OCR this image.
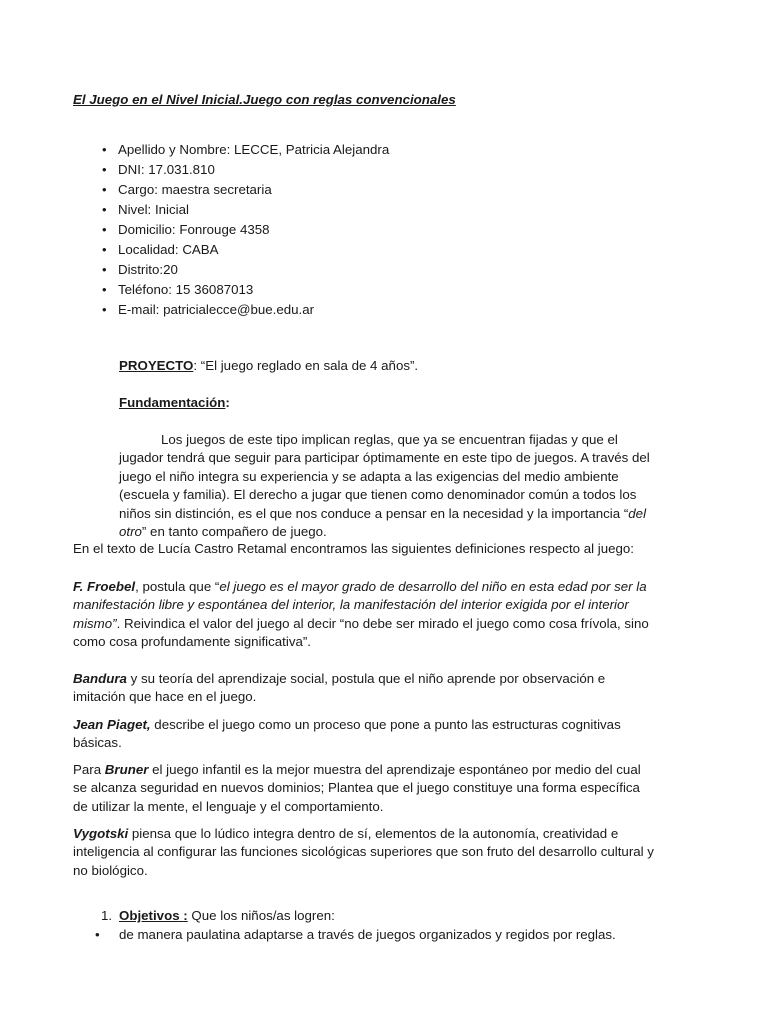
El Juego en el Nivel Inicial.Juego con reglas convencionales
• Apellido y Nombre: LECCE, Patricia Alejandra
• DNI: 17.031.810
• Cargo: maestra secretaria
• Nivel: Inicial
• Domicilio: Fonrouge 4358
• Localidad: CABA
• Distrito:20
• Teléfono: 15 36087013
• E-mail: patricialecce@bue.edu.ar
PROYECTO: “El juego reglado en sala de 4 años”.
Fundamentación:
Los juegos de este tipo implican reglas, que ya se encuentran fijadas y que el
jugador tendrá que seguir para participar óptimamente en este tipo de juegos. A través del
juego el niño integra su experiencia y se adapta a las exigencias del medio ambiente
(escuela y familia). El derecho a jugar que tienen como denominador común a todos los
niños sin distinción, es el que nos conduce a pensar en la necesidad y la importancia “del
otro” en tanto compañero de juego.
En el texto de Lucía Castro Retamal encontramos las siguientes definiciones respecto al juego:
F. Froebel, postula que “el juego es el mayor grado de desarrollo del niño en esta edad por ser la
manifestación libre y espontánea del interior, la manifestación del interior exigida por el interior
mismo”. Reivindica el valor del juego al decir “no debe ser mirado el juego como cosa frívola, sino
como cosa profundamente significativa”.
Bandura y su teoría del aprendizaje social, postula que el niño aprende por observación e
imitación que hace en el juego.
Jean Piaget, describe el juego como un proceso que pone a punto las estructuras cognitivas
básicas.
Para Bruner el juego infantil es la mejor muestra del aprendizaje espontáneo por medio del cual
se alcanza seguridad en nuevos dominios; Plantea que el juego constituye una forma específica
de utilizar la mente, el lenguaje y el comportamiento.
Vygotski piensa que lo lúdico integra dentro de sí, elementos de la autonomía, creatividad e
inteligencia al configurar las funciones sicológicas superiores que son fruto del desarrollo cultural y
no biológico.
1. Objetivos : Que los niños/as logren:
• de manera paulatina adaptarse a través de juegos organizados y regidos por reglas.
